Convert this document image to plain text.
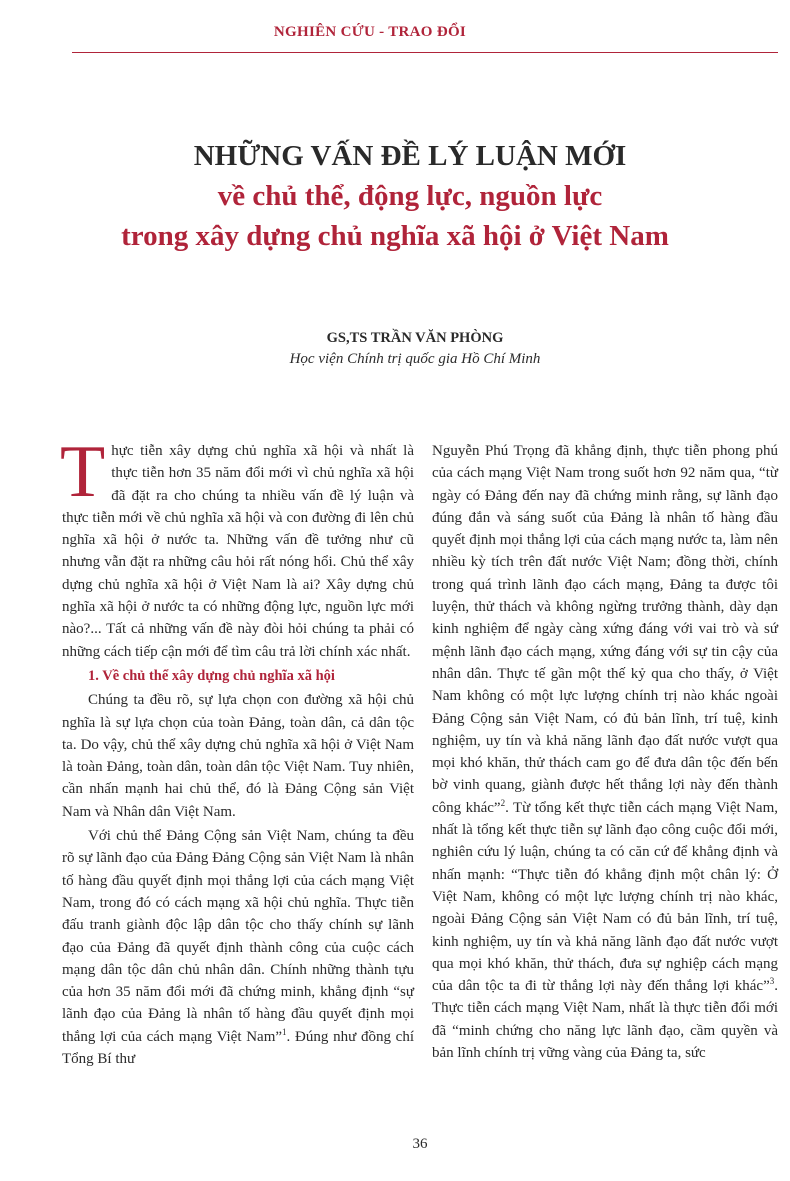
NGHIÊN CỨU - TRAO ĐỔI
NHỮNG VẤN ĐỀ LÝ LUẬN MỚI
về chủ thể, động lực, nguồn lực
trong xây dựng chủ nghĩa xã hội ở Việt Nam
GS,TS TRẦN VĂN PHÒNG
Học viện Chính trị quốc gia Hồ Chí Minh

Thực tiễn xây dựng chủ nghĩa xã hội và nhất là thực tiễn hơn 35 năm đổi mới vì chủ nghĩa xã hội đã đặt ra cho chúng ta nhiều vấn đề lý luận và thực tiễn mới về chủ nghĩa xã hội và con đường đi lên chủ nghĩa xã hội ở nước ta. Những vấn đề tưởng như cũ nhưng vẫn đặt ra những câu hỏi rất nóng hổi. Chủ thể xây dựng chủ nghĩa xã hội ở Việt Nam là ai? Xây dựng chủ nghĩa xã hội ở nước ta có những động lực, nguồn lực mới nào?... Tất cả những vấn đề này đòi hỏi chúng ta phải có những cách tiếp cận mới để tìm câu trả lời chính xác nhất.

1. Về chủ thể xây dựng chủ nghĩa xã hội

Chúng ta đều rõ, sự lựa chọn con đường xã hội chủ nghĩa là sự lựa chọn của toàn Đảng, toàn dân, cả dân tộc ta. Do vậy, chủ thể xây dựng chủ nghĩa xã hội ở Việt Nam là toàn Đảng, toàn dân, toàn dân tộc Việt Nam. Tuy nhiên, cần nhấn mạnh hai chủ thể, đó là Đảng Cộng sản Việt Nam và Nhân dân Việt Nam.

Với chủ thể Đảng Cộng sản Việt Nam, chúng ta đều rõ sự lãnh đạo của Đảng Đảng Cộng sản Việt Nam là nhân tố hàng đầu quyết định mọi thắng lợi của cách mạng Việt Nam, trong đó có cách mạng xã hội chủ nghĩa. Thực tiễn đấu tranh giành độc lập dân tộc cho thấy chính sự lãnh đạo của Đảng đã quyết định thành công của cuộc cách mạng dân tộc dân chủ nhân dân. Chính những thành tựu của hơn 35 năm đổi mới đã chứng minh, khẳng định “sự lãnh đạo của Đảng là nhân tố hàng đầu quyết định mọi thắng lợi của cách mạng Việt Nam”$^1$. Đúng như đồng chí Tổng Bí thư

Nguyễn Phú Trọng đã khẳng định, thực tiễn phong phú của cách mạng Việt Nam trong suốt hơn 92 năm qua, “từ ngày có Đảng đến nay đã chứng minh rằng, sự lãnh đạo đúng đắn và sáng suốt của Đảng là nhân tố hàng đầu quyết định mọi thắng lợi của cách mạng nước ta, làm nên nhiều kỳ tích trên đất nước Việt Nam; đồng thời, chính trong quá trình lãnh đạo cách mạng, Đảng ta được tôi luyện, thử thách và không ngừng trưởng thành, dày dạn kinh nghiệm để ngày càng xứng đáng với vai trò và sứ mệnh lãnh đạo cách mạng, xứng đáng với sự tin cậy của nhân dân. Thực tế gần một thế kỷ qua cho thấy, ở Việt Nam không có một lực lượng chính trị nào khác ngoài Đảng Cộng sản Việt Nam, có đủ bản lĩnh, trí tuệ, kinh nghiệm, uy tín và khả năng lãnh đạo đất nước vượt qua mọi khó khăn, thử thách cam go để đưa dân tộc đến bến bờ vinh quang, giành được hết thắng lợi này đến thành công khác”$^2$. Từ tổng kết thực tiễn cách mạng Việt Nam, nhất là tổng kết thực tiễn sự lãnh đạo công cuộc đổi mới, nghiên cứu lý luận, chúng ta có căn cứ để khẳng định và nhấn mạnh: “Thực tiễn đó khẳng định một chân lý: Ở Việt Nam, không có một lực lượng chính trị nào khác, ngoài Đảng Cộng sản Việt Nam có đủ bản lĩnh, trí tuệ, kinh nghiệm, uy tín và khả năng lãnh đạo đất nước vượt qua mọi khó khăn, thử thách, đưa sự nghiệp cách mạng của dân tộc ta đi từ thắng lợi này đến thắng lợi khác”$^3$. Thực tiễn cách mạng Việt Nam, nhất là thực tiễn đổi mới đã “minh chứng cho năng lực lãnh đạo, cầm quyền và bản lĩnh chính trị vững vàng của Đảng ta, sức

36
